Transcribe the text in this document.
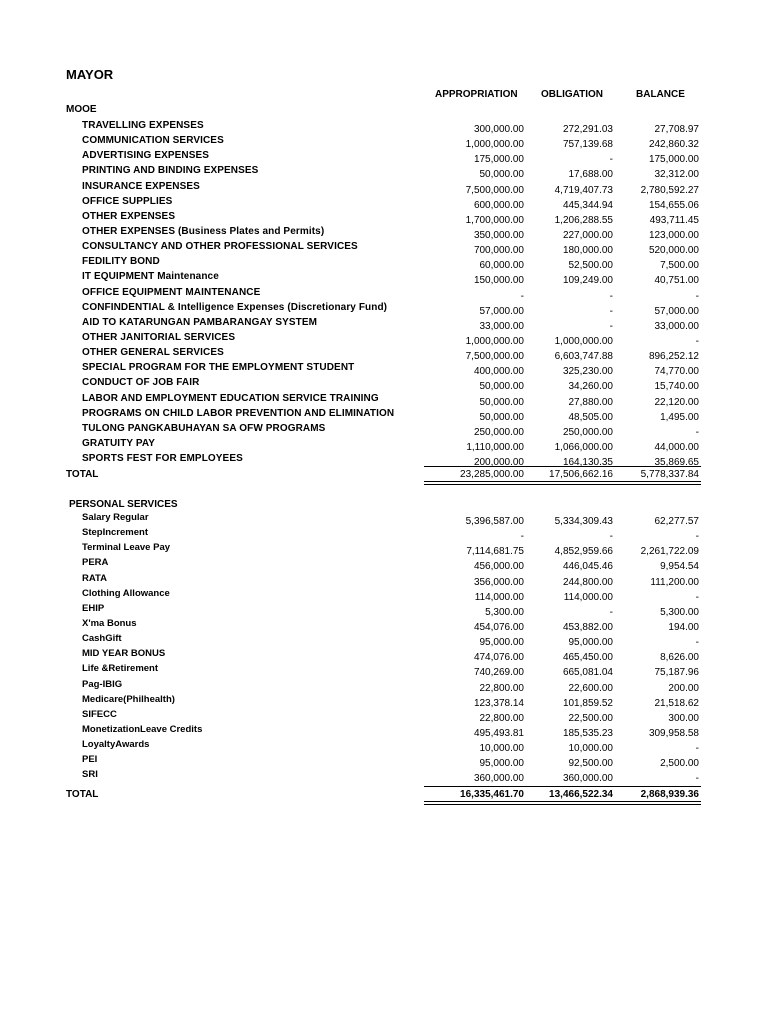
MAYOR
APPROPRIATION OBLIGATION	BALANCE
MOOE
TRAVELLING EXPENSES	300,000.00	272,291.03	27,708.97
COMMUNICATION SERVICES	1,000,000.00	757,139.68	242,860.32
ADVERTISING EXPENSES	175,000.00	-	175,000.00
PRINTING AND BINDING EXPENSES	50,000.00	17,688.00	32,312.00
INSURANCE EXPENSES	7,500,000.00	4,719,407.73	2,780,592.27
OFFICE SUPPLIES	600,000.00	445,344.94	154,655.06
OTHER EXPENSES	1,700,000.00	1,206,288.55	493,711.45
OTHER EXPENSES (Business Plates and Permits)	350,000.00	227,000.00	123,000.00
CONSULTANCY AND OTHER PROFESSIONAL SERVICES	700,000.00	180,000.00	520,000.00
FEDILITY BOND	60,000.00	52,500.00	7,500.00
IT EQUIPMENT Maintenance	150,000.00	109,249.00	40,751.00
OFFICE EQUIPMENT MAINTENANCE	-	-	-
CONFINDENTIAL & Intelligence Expenses (Discretionary Fund)	57,000.00	-	57,000.00
AID TO KATARUNGAN PAMBARANGAY SYSTEM	33,000.00	-	33,000.00
OTHER JANITORIAL SERVICES	1,000,000.00	1,000,000.00	-
OTHER GENERAL SERVICES	7,500,000.00	6,603,747.88	896,252.12
SPECIAL PROGRAM FOR THE EMPLOYMENT STUDENT	400,000.00	325,230.00	74,770.00
CONDUCT OF JOB FAIR	50,000.00	34,260.00	15,740.00
LABOR AND EMPLOYMENT EDUCATION SERVICE TRAINING	50,000.00	27,880.00	22,120.00
PROGRAMS ON CHILD LABOR PREVENTION AND ELIMINATION	50,000.00	48,505.00	1,495.00
TULONG PANGKABUHAYAN SA OFW PROGRAMS	250,000.00	250,000.00	-
GRATUITY PAY	1,110,000.00	1,066,000.00	44,000.00
SPORTS FEST FOR EMPLOYEES	200,000.00	164,130.35	35,869.65
TOTAL	23,285,000.00	17,506,662.16	5,778,337.84
PERSONAL SERVICES
Salary Regular	5,396,587.00	5,334,309.43	62,277.57
StepIncrement	-	-	-
Terminal Leave Pay	7,114,681.75	4,852,959.66	2,261,722.09
PERA	456,000.00	446,045.46	9,954.54
RATA	356,000.00	244,800.00	111,200.00
Clothing Allowance	114,000.00	114,000.00	-
EHIP	5,300.00	-	5,300.00
X'ma Bonus	454,076.00	453,882.00	194.00
CashGift	95,000.00	95,000.00	-
MID YEAR BONUS	474,076.00	465,450.00	8,626.00
Life &Retirement	740,269.00	665,081.04	75,187.96
Pag-IBIG	22,800.00	22,600.00	200.00
Medicare(Philhealth)	123,378.14	101,859.52	21,518.62
SIFECC	22,800.00	22,500.00	300.00
MonetizationLeave Credits	495,493.81	185,535.23	309,958.58
LoyaltyAwards	10,000.00	10,000.00	-
PEI	95,000.00	92,500.00	2,500.00
SRI	360,000.00	360,000.00	-
TOTAL	16,335,461.70	13,466,522.34	2,868,939.36
